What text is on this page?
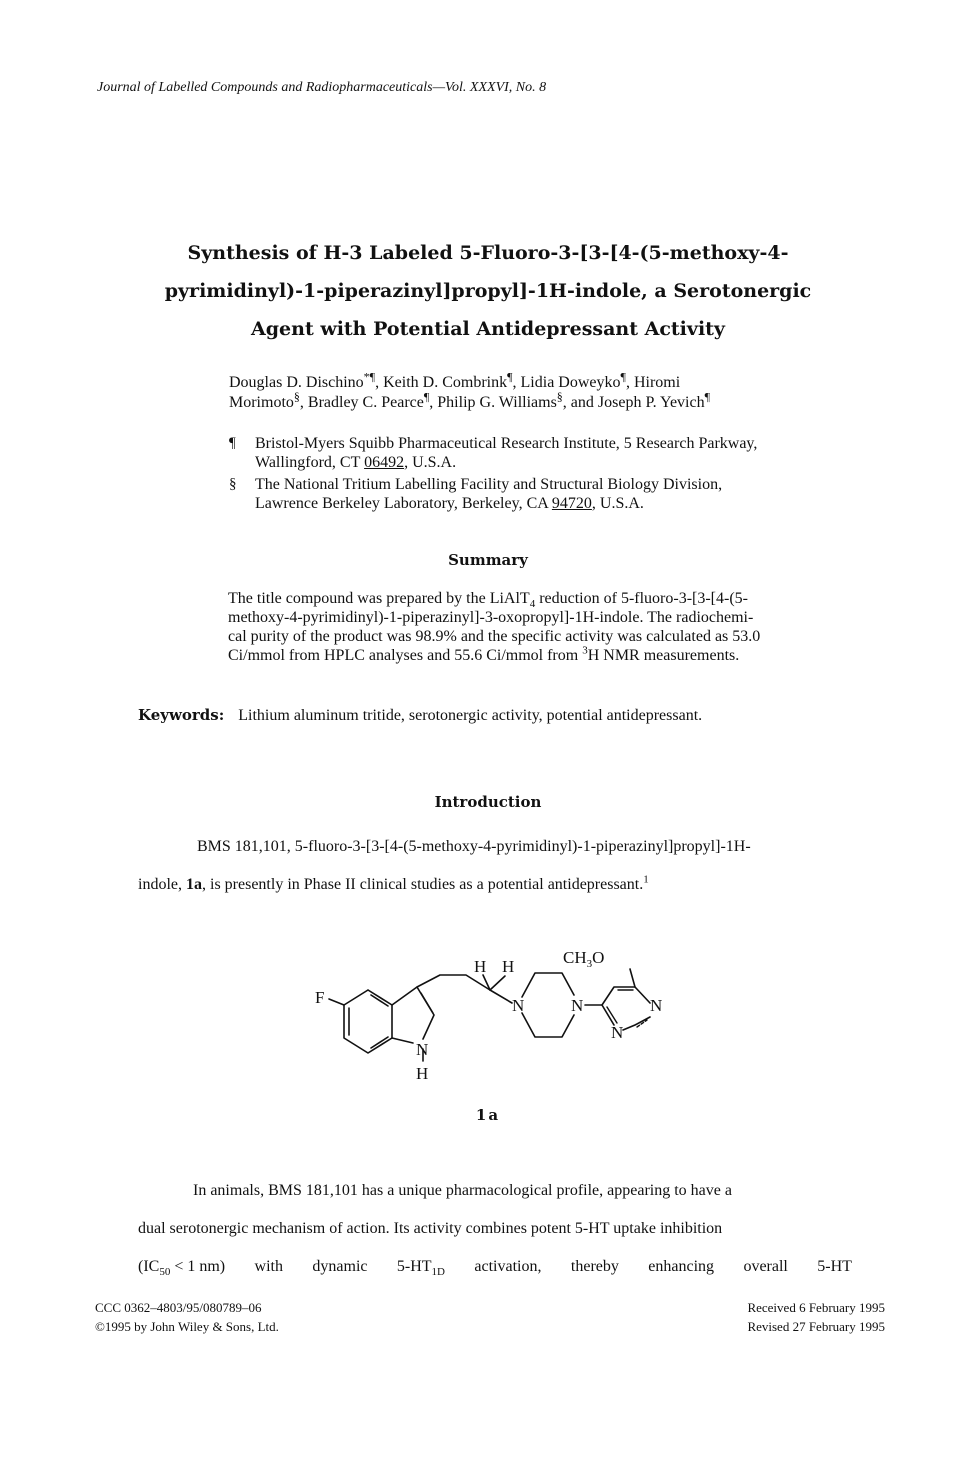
Journal of Labelled Compounds and Radiopharmaceuticals—Vol. XXXVI, No. 8
Synthesis of H-3 Labeled 5-Fluoro-3-[3-[4-(5-methoxy-4-
pyrimidinyl)-1-piperazinyl]propyl]-1H-indole, a Serotonergic
Agent with Potential Antidepressant Activity
Douglas D. Dischino*¶, Keith D. Combrink¶, Lidia Doweyko¶, Hiromi
Morimoto§, Bradley C. Pearce¶, Philip G. Williams§, and Joseph P. Yevich¶
¶ Bristol-Myers Squibb Pharmaceutical Research Institute, 5 Research Parkway,
Wallingford, CT 06492, U.S.A.
§ The National Tritium Labelling Facility and Structural Biology Division,
Lawrence Berkeley Laboratory, Berkeley, CA 94720, U.S.A.
Summary
The title compound was prepared by the LiAlT$_4$ reduction of 5-fluoro-3-[3-[4-(5-
methoxy-4-pyrimidinyl)-1-piperazinyl]-3-oxopropyl]-1H-indole. The radiochemi-
cal purity of the product was 98.9% and the specific activity was calculated as 53.0
Ci/mmol from HPLC analyses and 55.6 Ci/mmol from $^3$H NMR measurements.
Keywords: Lithium aluminum tritide, serotonergic activity, potential antidepressant.
Introduction
BMS 181,101, 5-fluoro-3-[3-[4-(5-methoxy-4-pyrimidinyl)-1-piperazinyl]propyl]-1H-
indole, 1a, is presently in Phase II clinical studies as a potential antidepressant.$^1$
F
N
H
H H
N	N
$CH_3O$
N
N
1a
In animals, BMS 181,101 has a unique pharmacological profile, appearing to have a
dual serotonergic mechanism of action. Its activity combines potent 5-HT uptake inhibition
($IC_{50} < 1$ nm) with dynamic $5-HT_{1D}$ activation, thereby enhancing overall 5-HT
CCC 0362–4803/95/080789–06
©1995 by John Wiley & Sons, Ltd.
Received 6 February 1995
Revised 27 February 1995
